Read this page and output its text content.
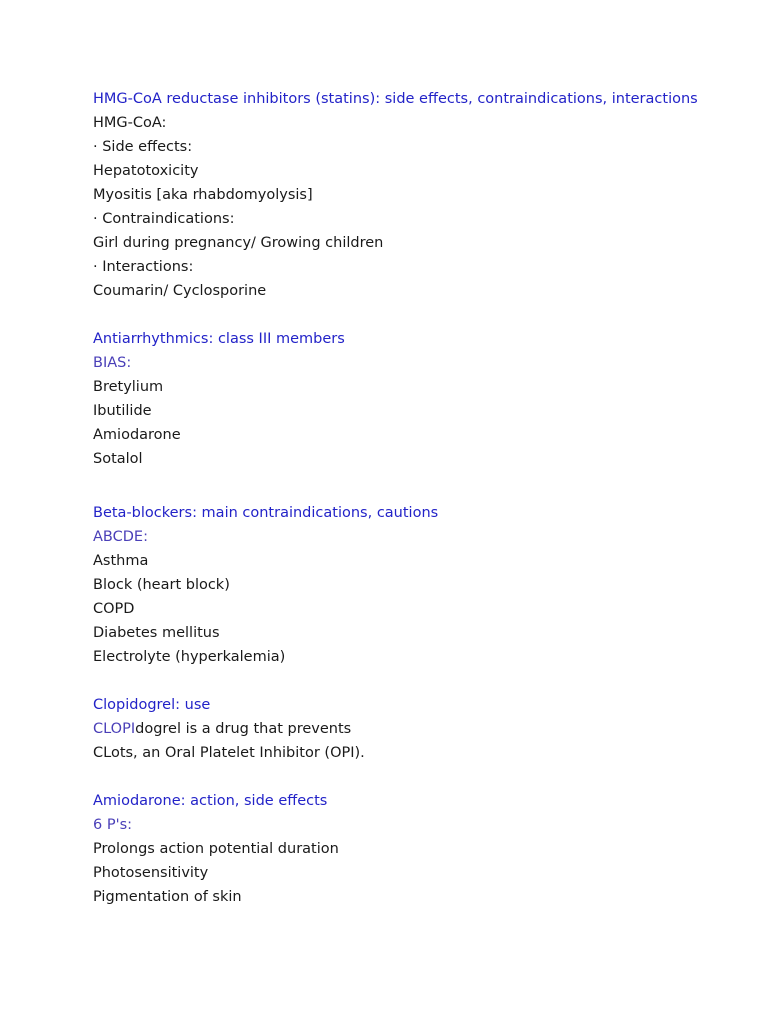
HMG-CoA reductase inhibitors (statins): side effects, contraindications, interactions
HMG-CoA:
· Side effects:
Hepatotoxicity
Myositis [aka rhabdomyolysis]
· Contraindications:
Girl during pregnancy/ Growing children
· Interactions:
Coumarin/ Cyclosporine
Antiarrhythmics: class III members
BIAS:
Bretylium
Ibutilide
Amiodarone
Sotalol
Beta-blockers: main contraindications, cautions
ABCDE:
Asthma
Block (heart block)
COPD
Diabetes mellitus
Electrolyte (hyperkalemia)
Clopidogrel: use
CLOPIdogrel is a drug that prevents
CLots, an Oral Platelet Inhibitor (OPI).
Amiodarone: action, side effects
6 P's:
Prolongs action potential duration
Photosensitivity
Pigmentation of skin
